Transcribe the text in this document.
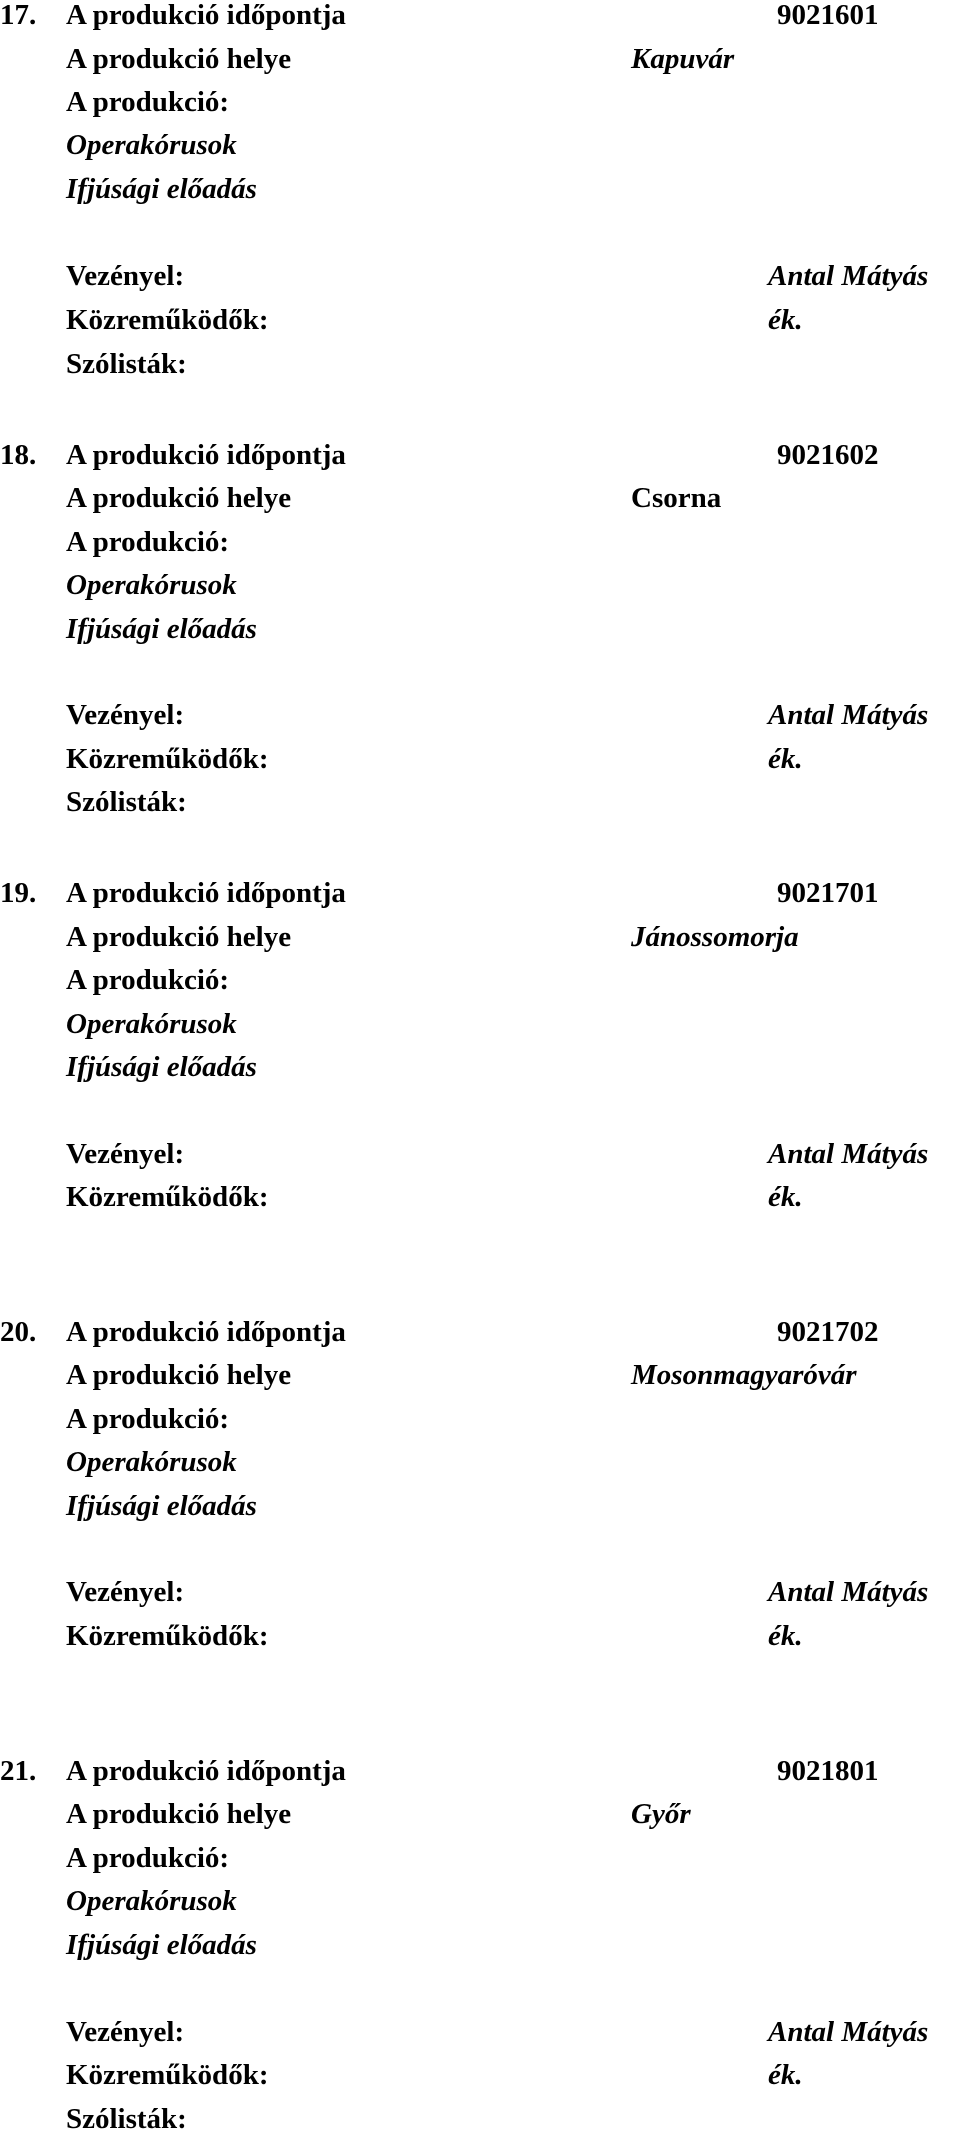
17. A produkció időpontja	9021601
A produkció helye	Kapuvár
A produkció:
Operakórusok
Ifjúsági előadás
Vezényel:	Antal Mátyás
Közreműködők:	ék.
Szólisták:
18. A produkció időpontja	9021602
A produkció helye	Csorna
A produkció:
Operakórusok
Ifjúsági előadás
Vezényel:	Antal Mátyás
Közreműködők:	ék.
Szólisták:
19. A produkció időpontja	9021701
A produkció helye	Jánossomorja
A produkció:
Operakórusok
Ifjúsági előadás
Vezényel:	Antal Mátyás
Közreműködők:	ék.
20. A produkció időpontja	9021702
A produkció helye	Mosonmagyaróvár
A produkció:
Operakórusok
Ifjúsági előadás
Vezényel:	Antal Mátyás
Közreműködők:	ék.
21. A produkció időpontja	9021801
A produkció helye	Győr
A produkció:
Operakórusok
Ifjúsági előadás
Vezényel:	Antal Mátyás
Közreműködők:	ék.
Szólisták:
